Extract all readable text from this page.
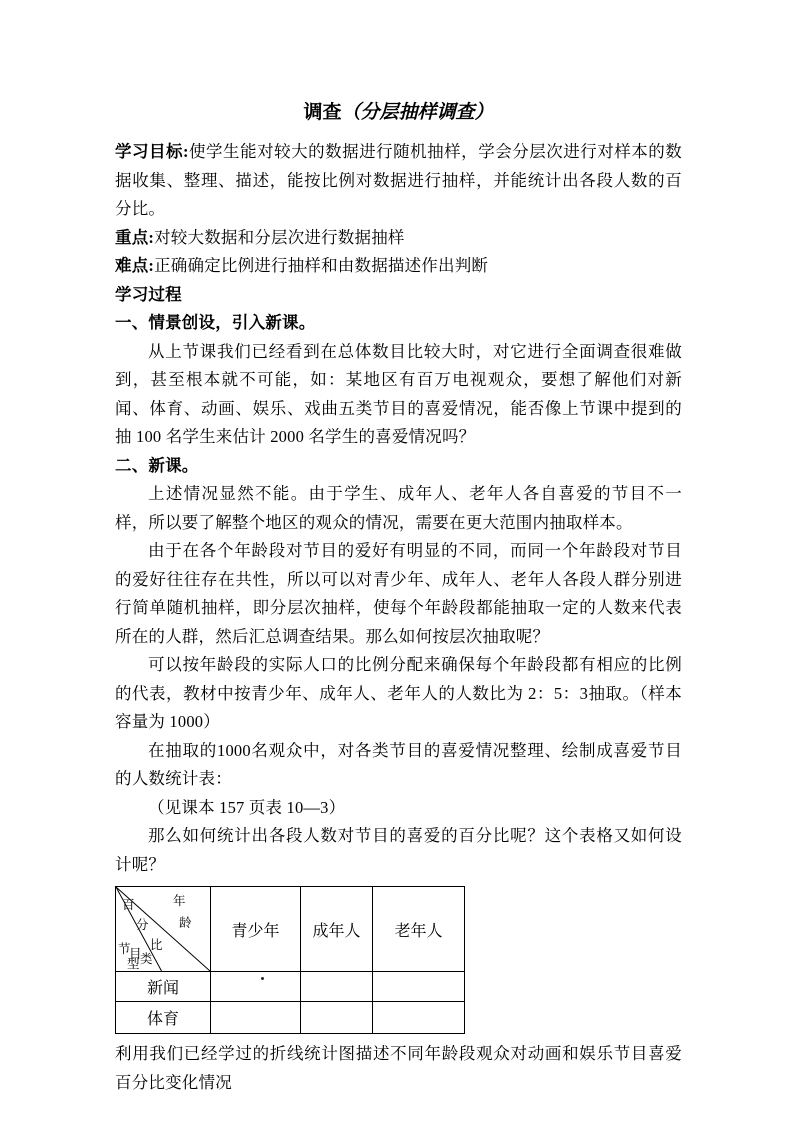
调查（分层抽样调查）

学习目标:使学生能对较大的数据进行随机抽样，学会分层次进行对样本的数据收集、整理、描述，能按比例对数据进行抽样，并能统计出各段人数的百分比。

重点:对较大数据和分层次进行数据抽样

难点:正确确定比例进行抽样和由数据描述作出判断

学习过程

一、情景创设，引入新课。

从上节课我们已经看到在总体数目比较大时，对它进行全面调查很难做到，甚至根本就不可能，如：某地区有百万电视观众，要想了解他们对新闻、体育、动画、娱乐、戏曲五类节目的喜爱情况，能否像上节课中提到的抽 100 名学生来估计 2000 名学生的喜爱情况吗？

二、新课。

上述情况显然不能。由于学生、成年人、老年人各自喜爱的节目不一样，所以要了解整个地区的观众的情况，需要在更大范围内抽取样本。

由于在各个年龄段对节目的爱好有明显的不同，而同一个年龄段对节目的爱好往往存在共性，所以可以对青少年、成年人、老年人各段人群分别进行简单随机抽样，即分层次抽样，使每个年龄段都能抽取一定的人数来代表所在的人群，然后汇总调查结果。那么如何按层次抽取呢？

可以按年龄段的实际人口的比例分配来确保每个年龄段都有相应的比例的代表，教材中按青少年、成年人、老年人的人数比为 2：5：3抽取。（样本容量为 1000）

在抽取的1000名观众中，对各类节目的喜爱情况整理、绘制成喜爱节目的人数统计表：

（见课本 157 页表 10—3）

那么如何统计出各段人数对节目的喜爱的百分比呢？这个表格又如何设计呢？

百
分
比
年
龄
节
目
类
型
	青少年	成年人	老年人
新闻	

体育			

利用我们已经学过的折线统计图描述不同年龄段观众对动画和娱乐节目喜爱百分比变化情况
